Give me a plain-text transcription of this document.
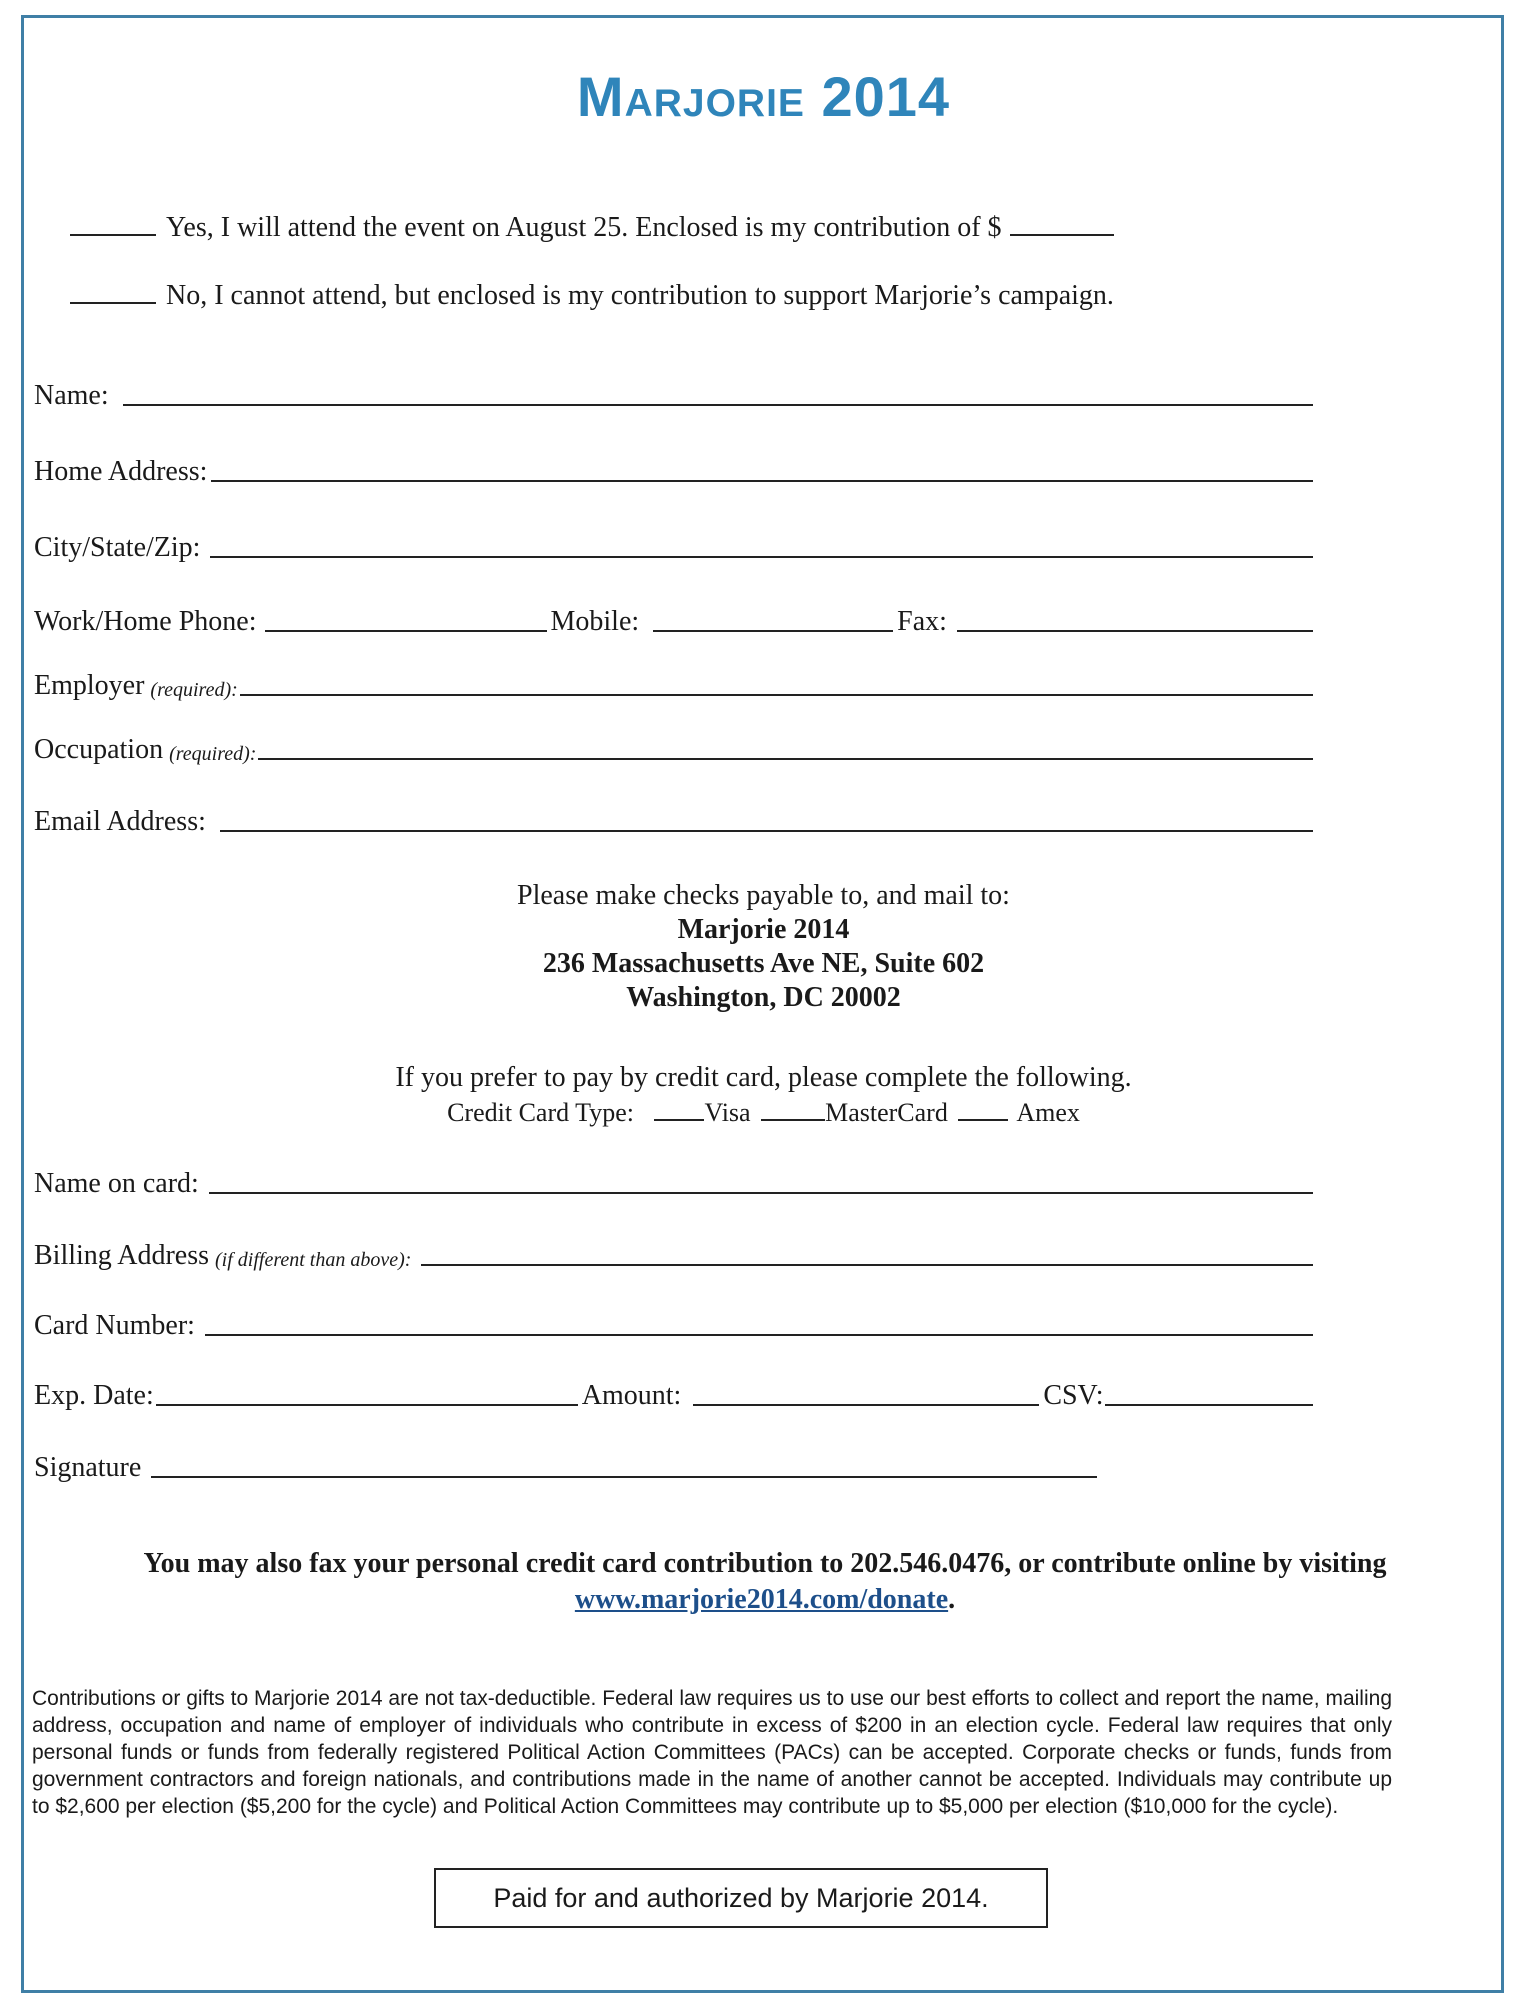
Marjorie 2014
Yes, I will attend the event on August 25. Enclosed is my contribution of $
No, I cannot attend, but enclosed is my contribution to support Marjorie’s campaign.
Name:
Home Address:
City/State/Zip:
Work/Home Phone:	Mobile:	Fax:
Employer (required):
Occupation (required):
Email Address:
Please make checks payable to, and mail to:
Marjorie 2014
236 Massachusetts Ave NE, Suite 602
Washington, DC 20002
If you prefer to pay by credit card, please complete the following.
Credit Card Type:	Visa	MasterCard	Amex
Name on card:
Billing Address (if different than above):
Card Number:
Exp. Date:	Amount:	CSV:
Signature
You may also fax your personal credit card contribution to 202.546.0476, or contribute online by visiting www.marjorie2014.com/donate.
Contributions or gifts to Marjorie 2014 are not tax-deductible. Federal law requires us to use our best efforts to collect and report the name, mailing address, occupation and name of employer of individuals who contribute in excess of $200 in an election cycle. Federal law requires that only personal funds or funds from federally registered Political Action Committees (PACs) can be accepted. Corporate checks or funds, funds from government contractors and foreign nationals, and contributions made in the name of another cannot be accepted. Individuals may contribute up to $2,600 per election ($5,200 for the cycle) and Political Action Committees may contribute up to $5,000 per election ($10,000 for the cycle).
Paid for and authorized by Marjorie 2014.
